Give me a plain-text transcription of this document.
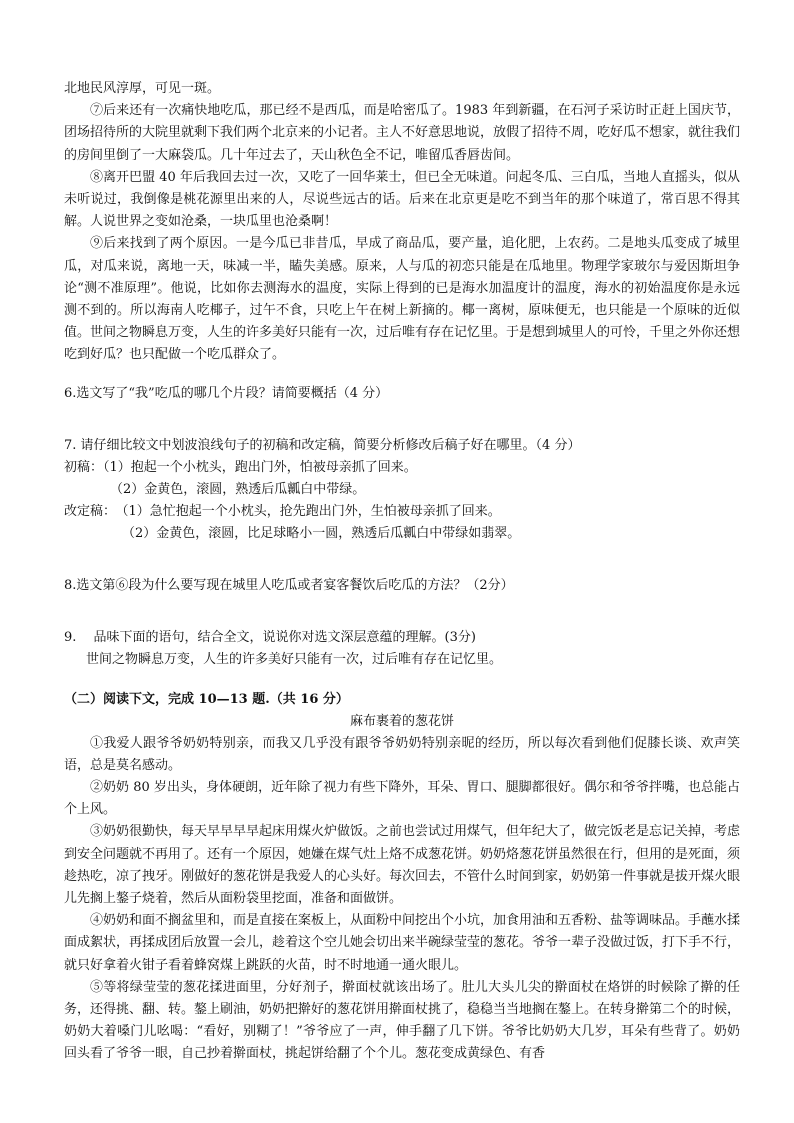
北地民风淳厚，可见一斑。

⑦后来还有一次痛快地吃瓜，那已经不是西瓜，而是哈密瓜了。1983 年到新疆，在石河子采访时正赶上国庆节，团场招待所的大院里就剩下我们两个北京来的小记者。主人不好意思地说，放假了招待不周，吃好瓜不想家，就往我们的房间里倒了一大麻袋瓜。几十年过去了，天山秋色全不记，唯留瓜香唇齿间。

⑧离开巴盟 40 年后我回去过一次，又吃了一回华莱士，但已全无味道。问起冬瓜、三白瓜，当地人直摇头，似从未听说过，我倒像是桃花源里出来的人，尽说些远古的话。后来在北京更是吃不到当年的那个味道了，常百思不得其解。人说世界之变如沧桑，一块瓜里也沧桑啊！

⑨后来找到了两个原因。一是今瓜已非昔瓜，早成了商品瓜，要产量，追化肥，上农药。二是地头瓜变成了城里瓜，对瓜来说，离地一天，味减一半，瞌失美感。原来，人与瓜的初恋只能是在瓜地里。物理学家玻尔与爱因斯坦争论“测不准原理”。他说，比如你去测海水的温度，实际上得到的已是海水加温度计的温度，海水的初始温度你是永远测不到的。所以海南人吃椰子，过午不食，只吃上午在树上新摘的。椰一离树，原味便无，也只能是一个原味的近似值。世间之物瞬息万变，人生的许多美好只能有一次，过后唯有存在记忆里。于是想到城里人的可怜，千里之外你还想吃到好瓜？也只配做一个吃瓜群众了。

6.选文写了“我”吃瓜的哪几个片段？请简要概括（4 分）

7. 请仔细比较文中划波浪线句子的初稿和改定稿，简要分析修改后稿子好在哪里。（4 分）

初稿：（1）抱起一个小枕头，跑出门外，怕被母亲抓了回来。

（2）金黄色，滚圆，熟透后瓜瓤白中带绿。

改定稿： （1）急忙抱起一个小枕头，抢先跑出门外，生怕被母亲抓了回来。

（2）金黄色，滚圆，比足球略小一圆，熟透后瓜瓤白中带绿如翡翠。

8.选文第⑥段为什么要写现在城里人吃瓜或者宴客餐饮后吃瓜的方法？（2分）

9.　 品味下面的语句，结合全文，说说你对选文深层意蕴的理解。(3分)

世间之物瞬息万变，人生的许多美好只能有一次，过后唯有存在记忆里。

（二）阅读下文，完成 10—13 题.（共 16 分）

麻布裹着的葱花饼

①我爱人跟爷爷奶奶特别亲，而我又几乎没有跟爷爷奶奶特别亲昵的经历，所以每次看到他们促膝长谈、欢声笑语，总是莫名感动。

②奶奶 80 岁出头，身体硬朗，近年除了视力有些下降外，耳朵、胃口、腿脚都很好。偶尔和爷爷拌嘴，也总能占个上风。

③奶奶很勤快，每天早早早早起床用煤火炉做饭。之前也尝试过用煤气，但年纪大了，做完饭老是忘记关掉，考虑到安全问题就不再用了。还有一个原因，她嫌在煤气灶上烙不成葱花饼。奶奶烙葱花饼虽然很在行，但用的是死面，须趁热吃，凉了拽牙。刚做好的葱花饼是我爱人的心头好。每次回去，不管什么时间到家，奶奶第一件事就是拔开煤火眼儿先搁上鏊子烧着，然后从面粉袋里挖面，准备和面做饼。

④奶奶和面不搁盆里和，而是直接在案板上，从面粉中间挖出个小坑，加食用油和五香粉、盐等调味品。手蘸水揉面成絮状，再揉成团后放置一会儿，趁着这个空儿她会切出来半碗绿莹莹的葱花。爷爷一辈子没做过饭，打下手不行，就只好拿着火钳子看着蜂窝煤上跳跃的火苗，时不时地通一通火眼儿。

⑤等将绿莹莹的葱花揉进面里，分好剂子，擀面杖就该出场了。肚儿大头儿尖的擀面杖在烙饼的时候除了擀的任务，还得挑、翻、转。鏊上刷油，奶奶把擀好的葱花饼用擀面杖挑了，稳稳当当地搁在鏊上。在转身擀第二个的时候，奶奶大着嗓门儿吆喝：“看好，别糊了！”爷爷应了一声，伸手翻了几下饼。爷爷比奶奶大几岁，耳朵有些背了。奶奶回头看了爷爷一眼，自己抄着擀面杖，挑起饼给翻了个个儿。葱花变成黄绿色、有香
